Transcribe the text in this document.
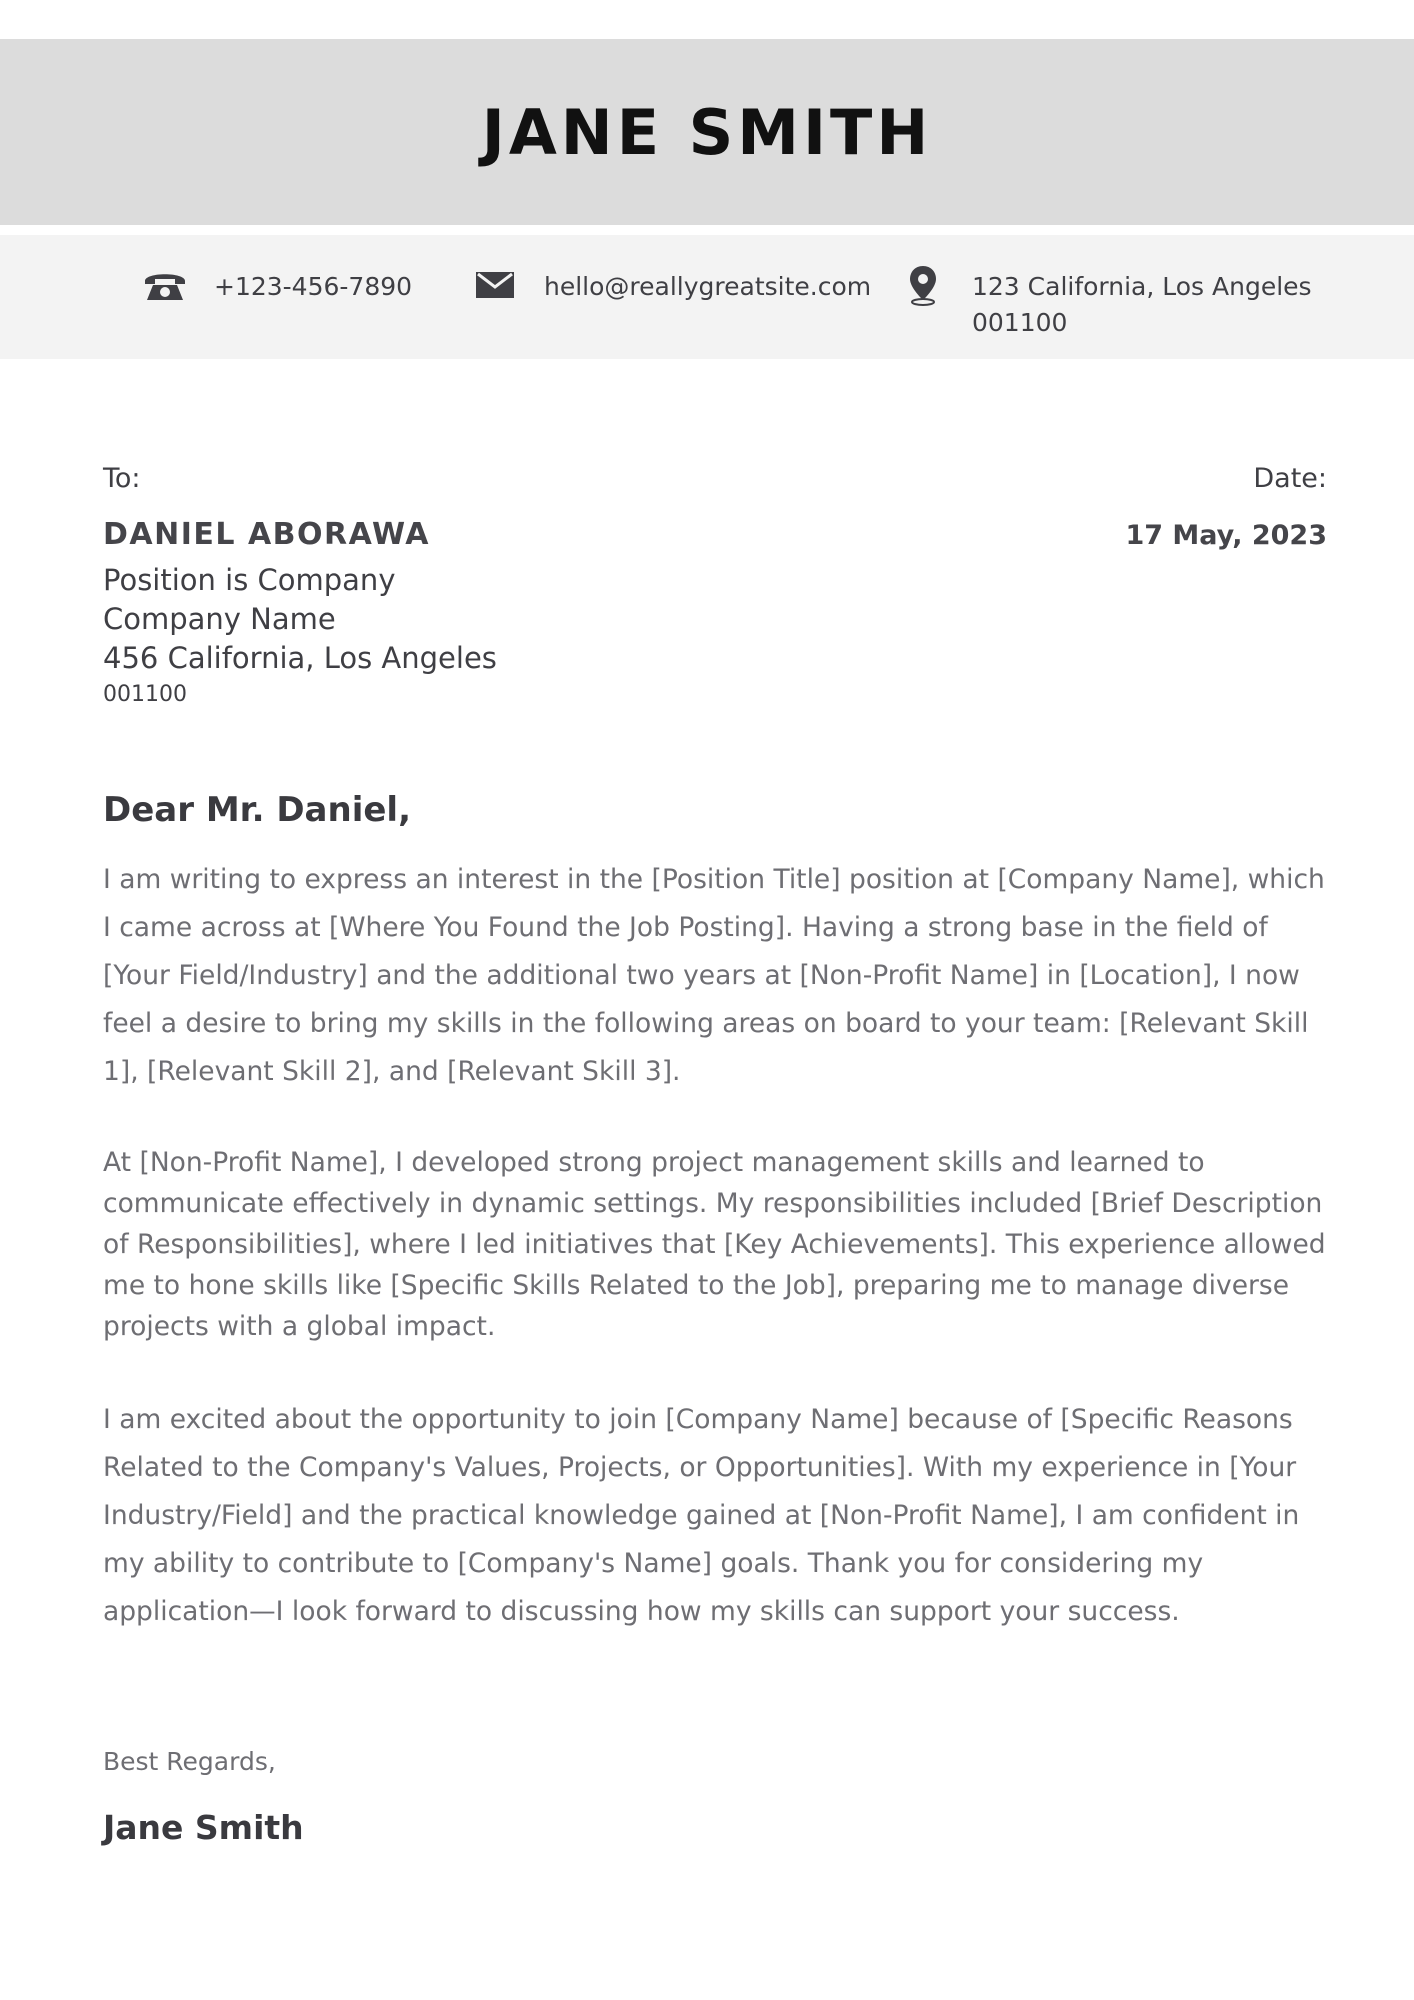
JANE SMITH
+123-456-7890	hello@reallygreatsite.com	123 California, Los Angeles
001100
To:	Date:
DANIEL ABORAWA	17 May, 2023
Position is Company
Company Name
456 California, Los Angeles
001100
Dear Mr. Daniel,

I am writing to express an interest in the [Position Title] position at [Company Name], which I came across at [Where You Found the Job Posting]. Having a strong base in the field of [Your Field/Industry] and the additional two years at [Non-Profit Name] in [Location], I now feel a desire to bring my skills in the following areas on board to your team: [Relevant Skill 1], [Relevant Skill 2], and [Relevant Skill 3].

At [Non-Profit Name], I developed strong project management skills and learned to communicate effectively in dynamic settings. My responsibilities included [Brief Description of Responsibilities], where I led initiatives that [Key Achievements]. This experience allowed me to hone skills like [Specific Skills Related to the Job], preparing me to manage diverse projects with a global impact.

I am excited about the opportunity to join [Company Name] because of [Specific Reasons Related to the Company's Values, Projects, or Opportunities]. With my experience in [Your Industry/Field] and the practical knowledge gained at [Non-Profit Name], I am confident in my ability to contribute to [Company's Name] goals. Thank you for considering my application—I look forward to discussing how my skills can support your success.

Best Regards,
Jane Smith
